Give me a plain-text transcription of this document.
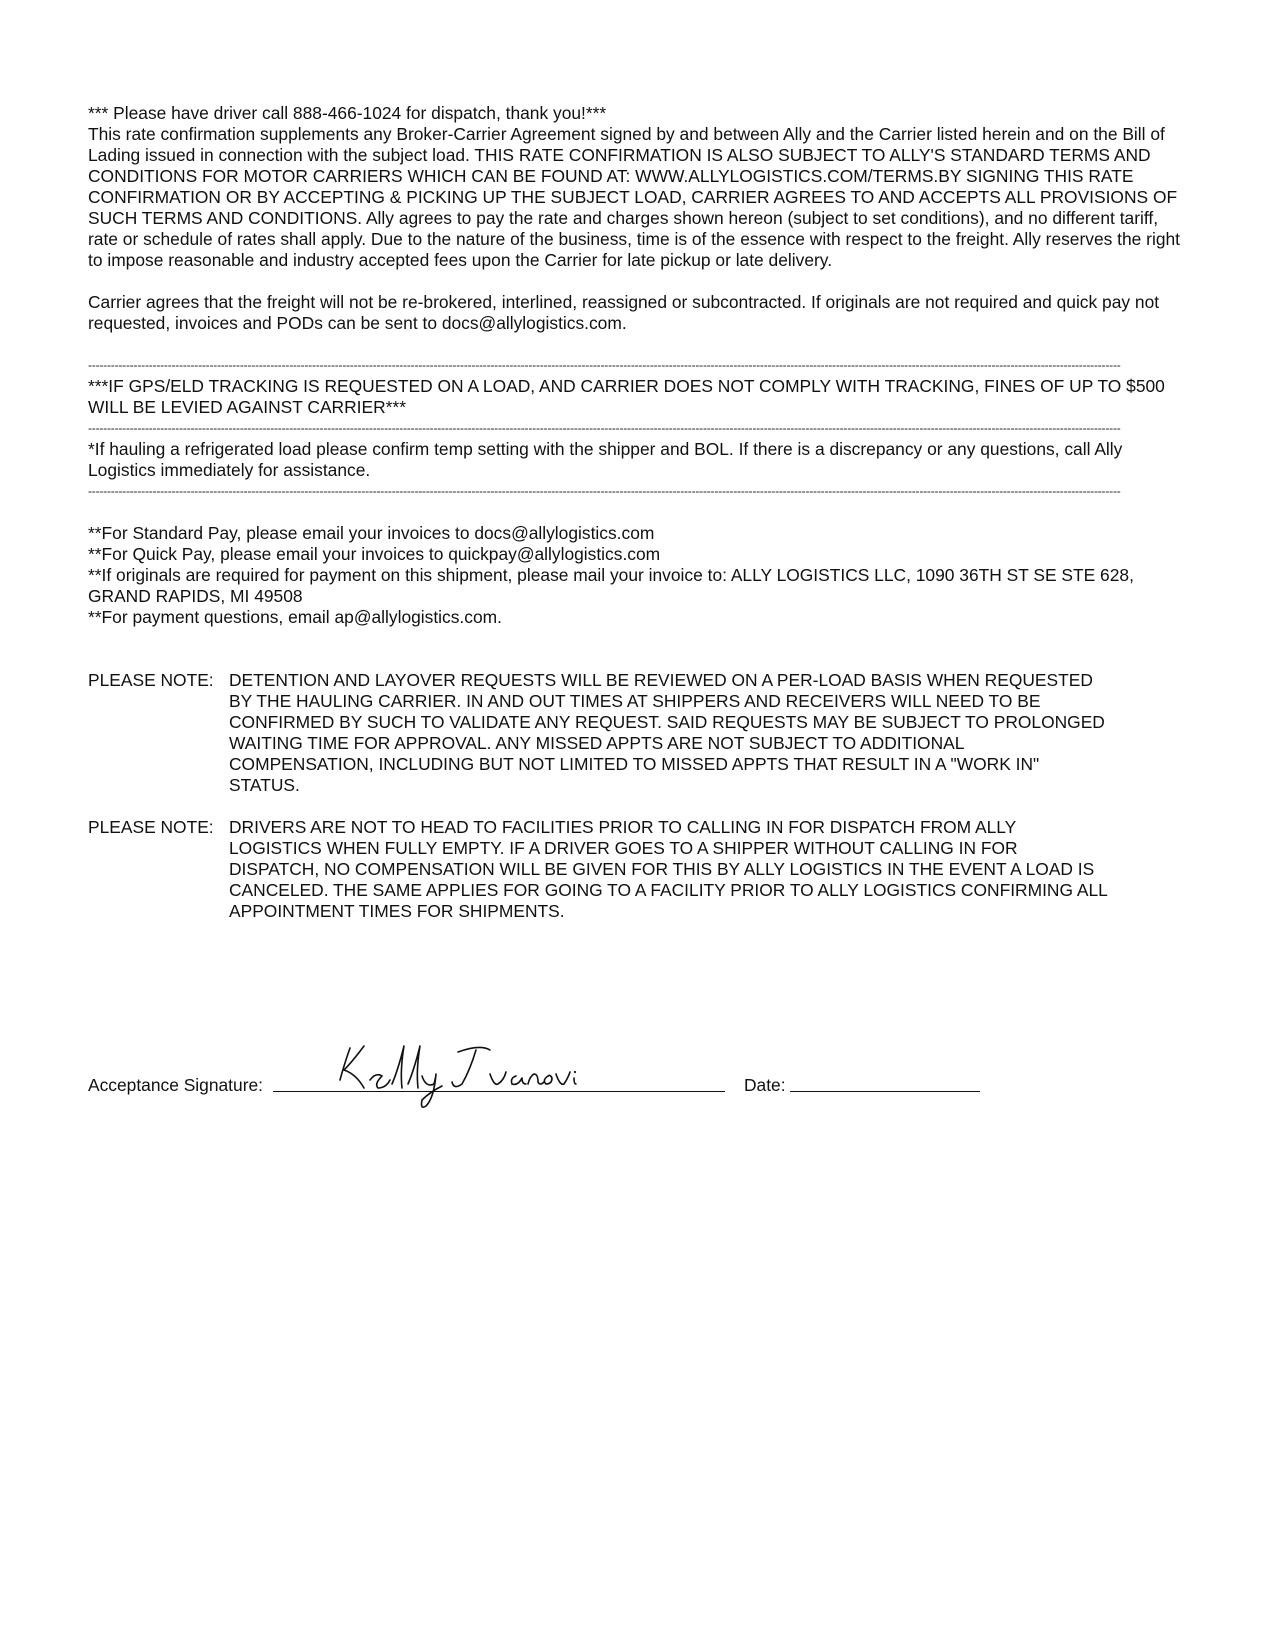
*** Please have driver call 888-466-1024 for dispatch, thank you!***

This rate confirmation supplements any Broker-Carrier Agreement signed by and between Ally and the Carrier listed herein and on the Bill of Lading issued in connection with the subject load. THIS RATE CONFIRMATION IS ALSO SUBJECT TO ALLY'S STANDARD TERMS AND CONDITIONS FOR MOTOR CARRIERS WHICH CAN BE FOUND AT: WWW.ALLYLOGISTICS.COM/TERMS.BY SIGNING THIS RATE CONFIRMATION OR BY ACCEPTING & PICKING UP THE SUBJECT LOAD, CARRIER AGREES TO AND ACCEPTS ALL PROVISIONS OF SUCH TERMS AND CONDITIONS. Ally agrees to pay the rate and charges shown hereon (subject to set conditions), and no different tariff, rate or schedule of rates shall apply. Due to the nature of the business, time is of the essence with respect to the freight. Ally reserves the right to impose reasonable and industry accepted fees upon the Carrier for late pickup or late delivery.

Carrier agrees that the freight will not be re-brokered, interlined, reassigned or subcontracted. If originals are not required and quick pay not requested, invoices and PODs can be sent to docs@allylogistics.com.

--------------------------------------------------------------------------------------------------------------------------------------------------------------------------------------------------------------------------------------------------------------------------------

***IF GPS/ELD TRACKING IS REQUESTED ON A LOAD, AND CARRIER DOES NOT COMPLY WITH TRACKING, FINES OF UP TO $500 WILL BE LEVIED AGAINST CARRIER***

--------------------------------------------------------------------------------------------------------------------------------------------------------------------------------------------------------------------------------------------------------------------------------

*If hauling a refrigerated load please confirm temp setting with the shipper and BOL. If there is a discrepancy or any questions, call Ally Logistics immediately for assistance.

--------------------------------------------------------------------------------------------------------------------------------------------------------------------------------------------------------------------------------------------------------------------------------

**For Standard Pay, please email your invoices to docs@allylogistics.com

**For Quick Pay, please email your invoices to quickpay@allylogistics.com

**If originals are required for payment on this shipment, please mail your invoice to: ALLY LOGISTICS LLC, 1090 36TH ST SE STE 628, GRAND RAPIDS, MI 49508

**For payment questions, email ap@allylogistics.com.

PLEASE NOTE: DETENTION AND LAYOVER REQUESTS WILL BE REVIEWED ON A PER-LOAD BASIS WHEN REQUESTED BY THE HAULING CARRIER. IN AND OUT TIMES AT SHIPPERS AND RECEIVERS WILL NEED TO BE CONFIRMED BY SUCH TO VALIDATE ANY REQUEST. SAID REQUESTS MAY BE SUBJECT TO PROLONGED WAITING TIME FOR APPROVAL. ANY MISSED APPTS ARE NOT SUBJECT TO ADDITIONAL COMPENSATION, INCLUDING BUT NOT LIMITED TO MISSED APPTS THAT RESULT IN A "WORK IN" STATUS.
PLEASE NOTE: DRIVERS ARE NOT TO HEAD TO FACILITIES PRIOR TO CALLING IN FOR DISPATCH FROM ALLY LOGISTICS WHEN FULLY EMPTY. IF A DRIVER GOES TO A SHIPPER WITHOUT CALLING IN FOR DISPATCH, NO COMPENSATION WILL BE GIVEN FOR THIS BY ALLY LOGISTICS IN THE EVENT A LOAD IS CANCELED. THE SAME APPLIES FOR GOING TO A FACILITY PRIOR TO ALLY LOGISTICS CONFIRMING ALL APPOINTMENT TIMES FOR SHIPMENTS.
Acceptance Signature:	Date:
